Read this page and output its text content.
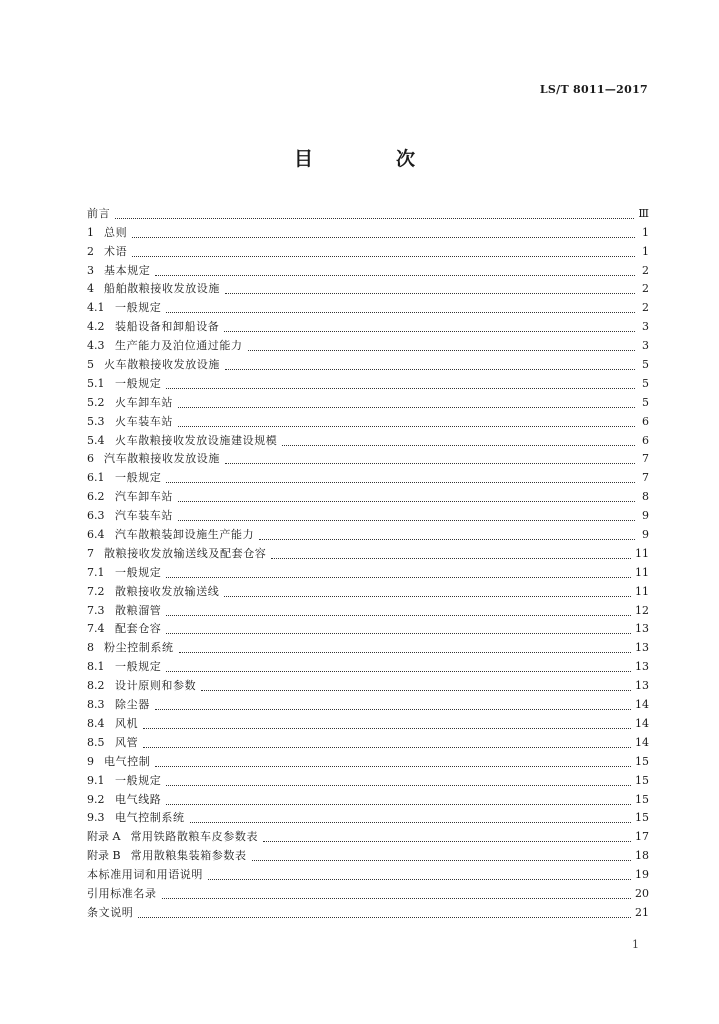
LS/T 8011—2017
目　次
前言	Ⅲ
1 总则	1
2 术语	1
3 基本规定	2
4 船舶散粮接收发放设施	2
4.1 一般规定	2
4.2 装船设备和卸船设备	3
4.3 生产能力及泊位通过能力	3
5 火车散粮接收发放设施	5
5.1 一般规定	5
5.2 火车卸车站	5
5.3 火车装车站	6
5.4 火车散粮接收发放设施建设规模	6
6 汽车散粮接收发放设施	7
6.1 一般规定	7
6.2 汽车卸车站	8
6.3 汽车装车站	9
6.4 汽车散粮装卸设施生产能力	9
7 散粮接收发放输送线及配套仓容	11
7.1 一般规定	11
7.2 散粮接收发放输送线	11
7.3 散粮溜管	12
7.4 配套仓容	13
8 粉尘控制系统	13
8.1 一般规定	13
8.2 设计原则和参数	13
8.3 除尘器	14
8.4 风机	14
8.5 风管	14
9 电气控制	15
9.1 一般规定	15
9.2 电气线路	15
9.3 电气控制系统	15
附录 A 常用铁路散粮车皮参数表	17
附录 B 常用散粮集装箱参数表	18
本标准用词和用语说明	19
引用标准名录	20
条文说明	21
1
